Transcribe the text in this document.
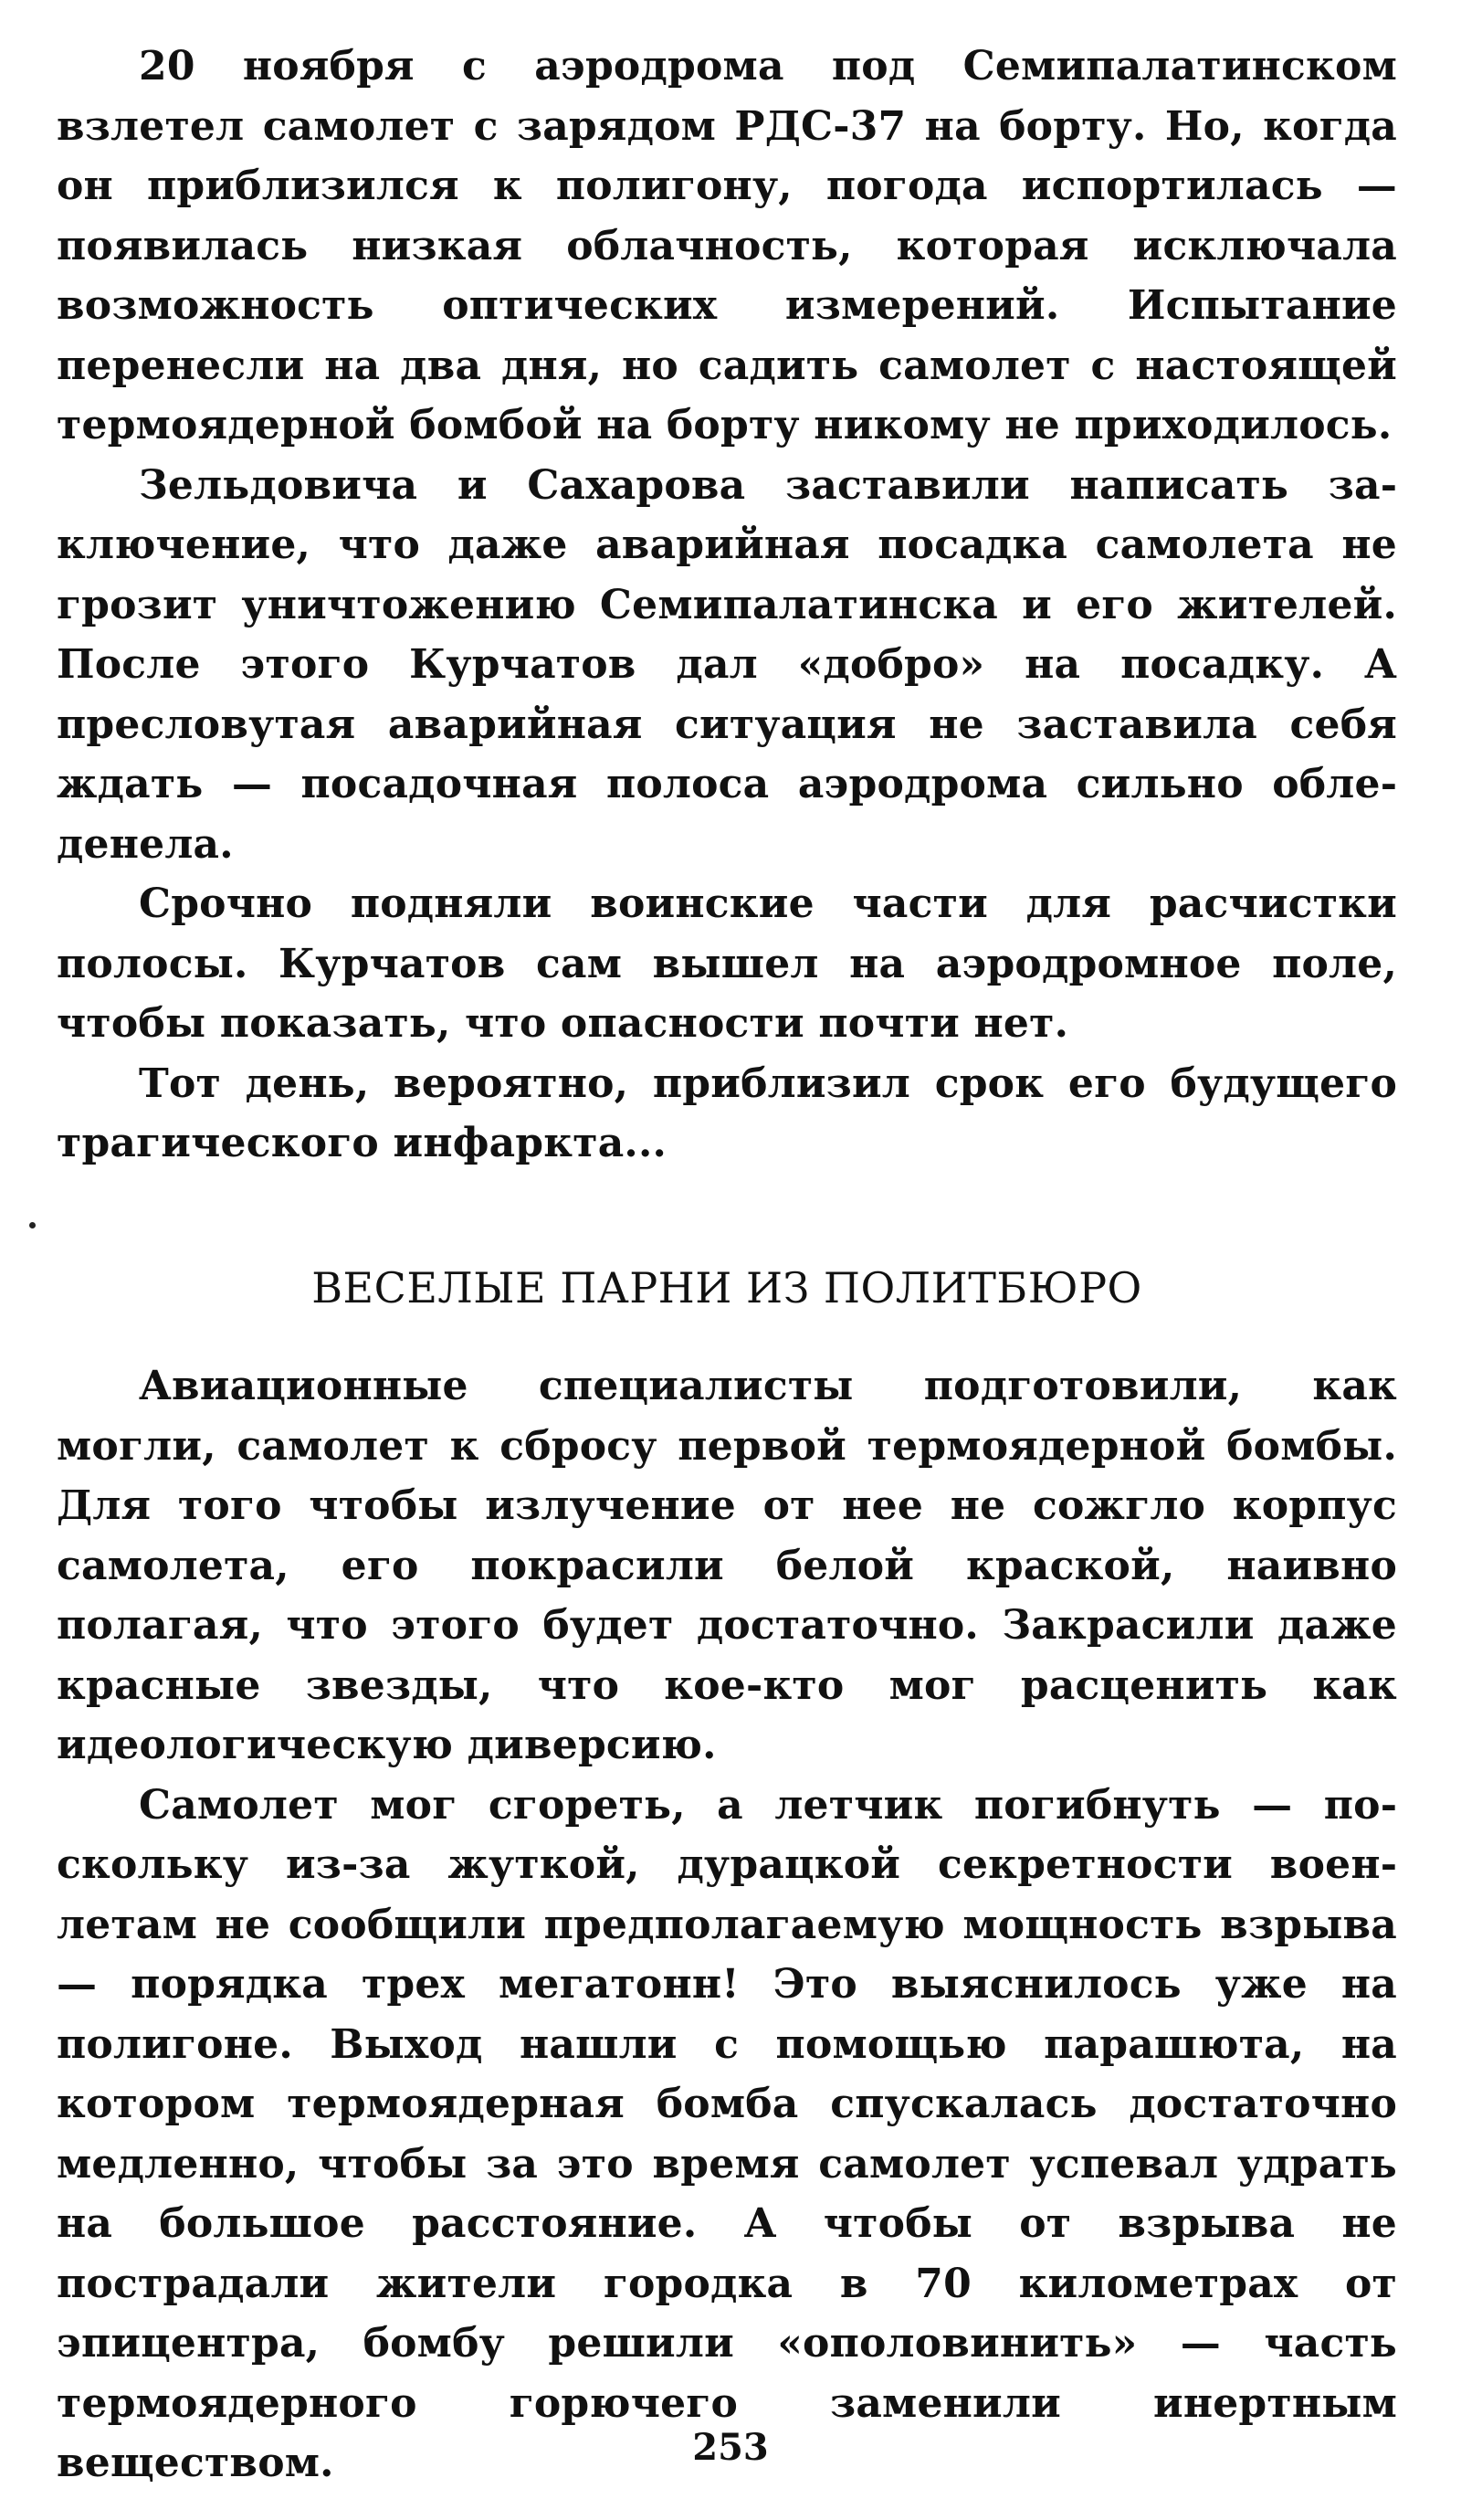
20 ноября с аэродрома под Семипалатинском взлетел самолет с зарядом РДС-37 на борту. Но, когда он приблизился к полигону, погода испортилась — появилась низкая облачность, которая исключала возможность оптических измерений. Испытание перенесли на два дня, но садить самолет с настоящей термоядерной бомбой на борту никому не приходилось.

Зельдовича и Сахарова заставили написать заключение, что даже аварийная посадка самолета не грозит уничтожению Семипалатинска и его жителей. После этого Курчатов дал «добро» на посадку. А пресловутая аварийная ситуация не заставила себя ждать — посадочная полоса аэродрома сильно обледенела.

Срочно подняли воинские части для расчистки полосы. Курчатов сам вышел на аэродромное поле, чтобы показать, что опасности почти нет.

Тот день, вероятно, приблизил срок его будущего трагического инфаркта...

ВЕСЕЛЫЕ ПАРНИ ИЗ ПОЛИТБЮРО

Авиационные специалисты подготовили, как могли, самолет к сбросу первой термоядерной бомбы. Для того чтобы излучение от нее не сожгло корпус самолета, его покрасили белой краской, наивно полагая, что этого будет достаточно. Закрасили даже красные звезды, что кое-кто мог расценить как идеологическую диверсию.

Самолет мог сгореть, а летчик погибнуть — поскольку из-за жуткой, дурацкой секретности военлетам не сообщили предполагаемую мощность взрыва — порядка трех мегатонн! Это выяснилось уже на полигоне. Выход нашли с помощью парашюта, на котором термоядерная бомба спускалась достаточно медленно, чтобы за это время самолет успевал удрать на большое расстояние. А чтобы от взрыва не пострадали жители городка в 70 километрах от эпицентра, бомбу решили «ополовинить» — часть термоядерного горючего заменили инертным веществом.	253
